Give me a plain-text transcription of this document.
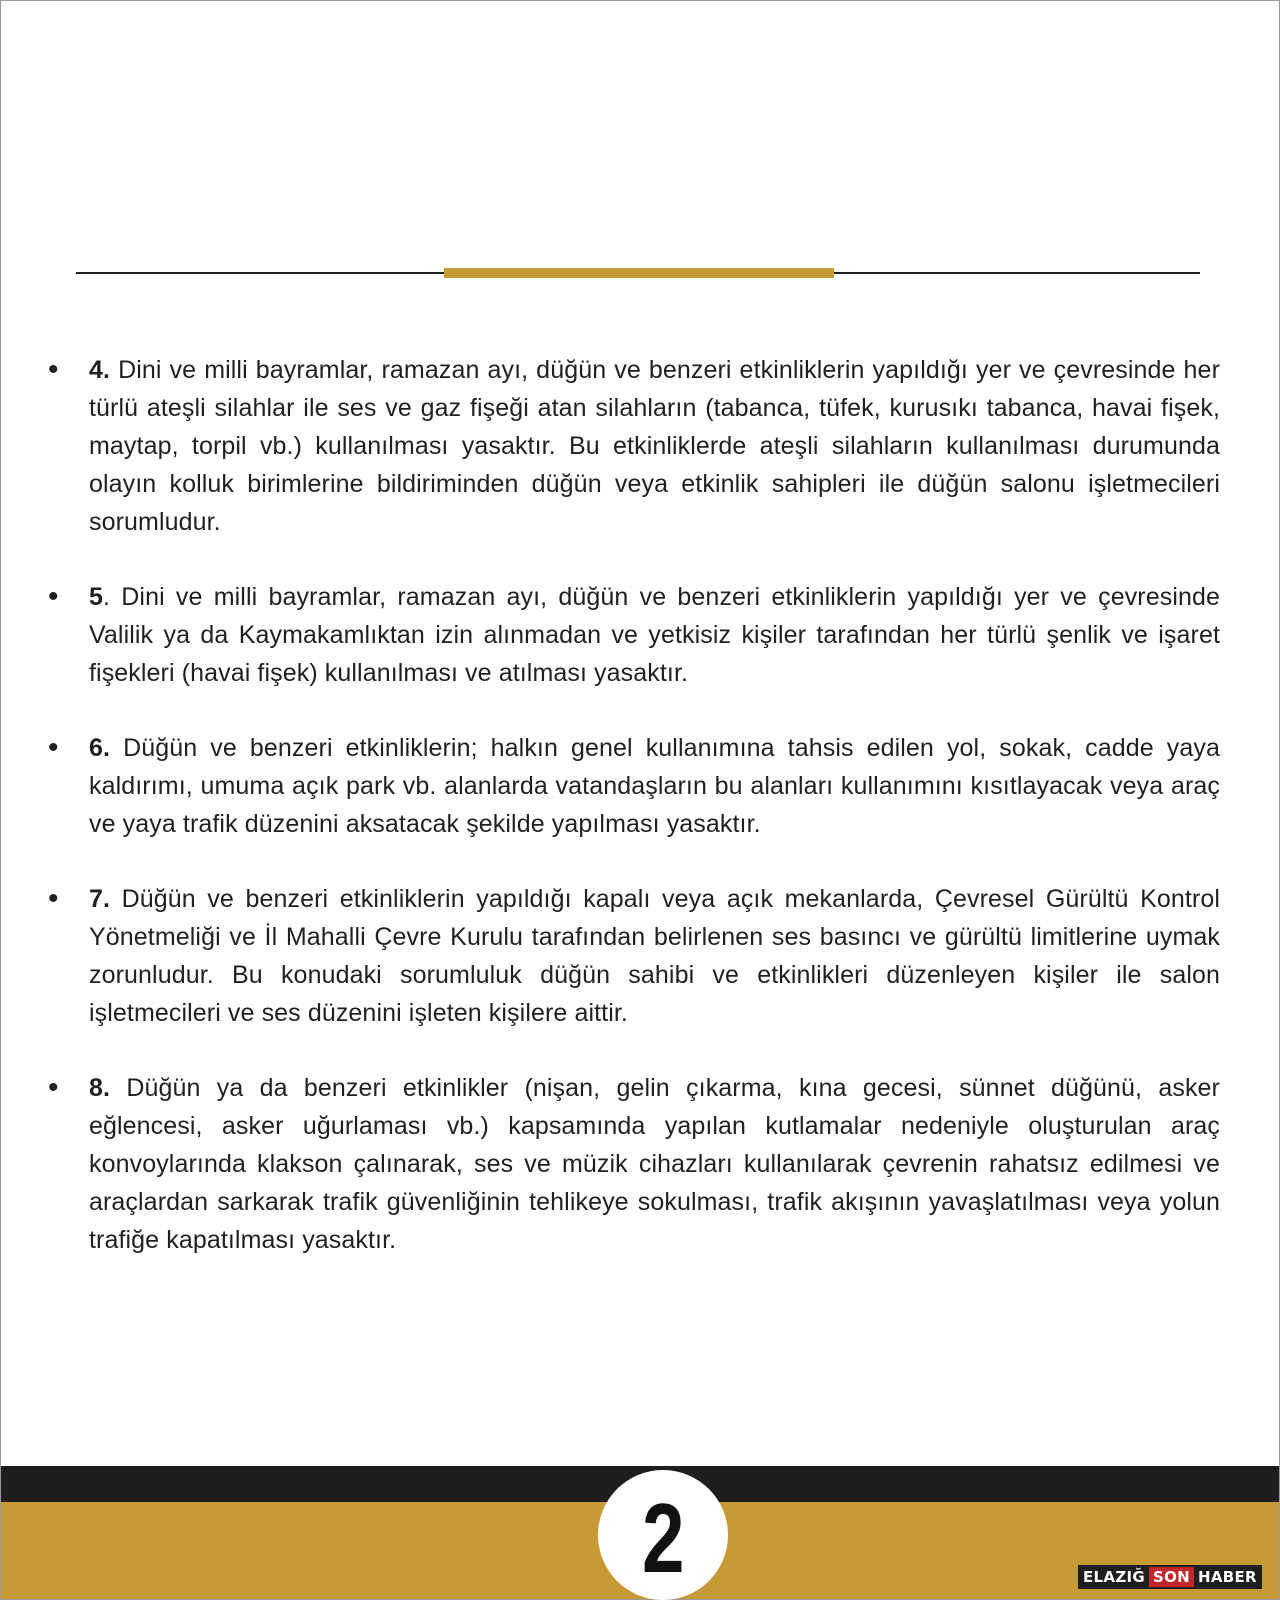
• 4. Dini ve milli bayramlar, ramazan ayı, düğün ve benzeri etkinliklerin yapıldığı yer ve çevresinde her türlü ateşli silahlar ile ses ve gaz fişeği atan silahların (tabanca, tüfek, kurusıkı tabanca, havai fişek, maytap, torpil vb.) kullanılması yasaktır. Bu etkinliklerde ateşli silahların kullanılması durumunda olayın kolluk birimlerine bildiriminden düğün veya etkinlik sahipleri ile düğün salonu işletmecileri sorumludur.
• 5. Dini ve milli bayramlar, ramazan ayı, düğün ve benzeri etkinliklerin yapıldığı yer ve çevresinde Valilik ya da Kaymakamlıktan izin alınmadan ve yetkisiz kişiler tarafından her türlü şenlik ve işaret fişekleri (havai fişek) kullanılması ve atılması yasaktır.
• 6. Düğün ve benzeri etkinliklerin; halkın genel kullanımına tahsis edilen yol, sokak, cadde yaya kaldırımı, umuma açık park vb. alanlarda vatandaşların bu alanları kullanımını kısıtlayacak veya araç ve yaya trafik düzenini aksatacak şekilde yapılması yasaktır.
• 7. Düğün ve benzeri etkinliklerin yapıldığı kapalı veya açık mekanlarda, Çevresel Gürültü Kontrol Yönetmeliği ve İl Mahalli Çevre Kurulu tarafından belirlenen ses basıncı ve gürültü limitlerine uymak zorunludur. Bu konudaki sorumluluk düğün sahibi ve etkinlikleri düzenleyen kişiler ile salon işletmecileri ve ses düzenini işleten kişilere aittir.
• 8. Düğün ya da benzeri etkinlikler (nişan, gelin çıkarma, kına gecesi, sünnet düğünü, asker eğlencesi, asker uğurlaması vb.) kapsamında yapılan kutlamalar nedeniyle oluşturulan araç konvoylarında klakson çalınarak, ses ve müzik cihazları kullanılarak çevrenin rahatsız edilmesi ve araçlardan sarkarak trafik güvenliğinin tehlikeye sokulması, trafik akışının yavaşlatılması veya yolun trafiğe kapatılması yasaktır.
2	ELAZIĞ SON HABER
